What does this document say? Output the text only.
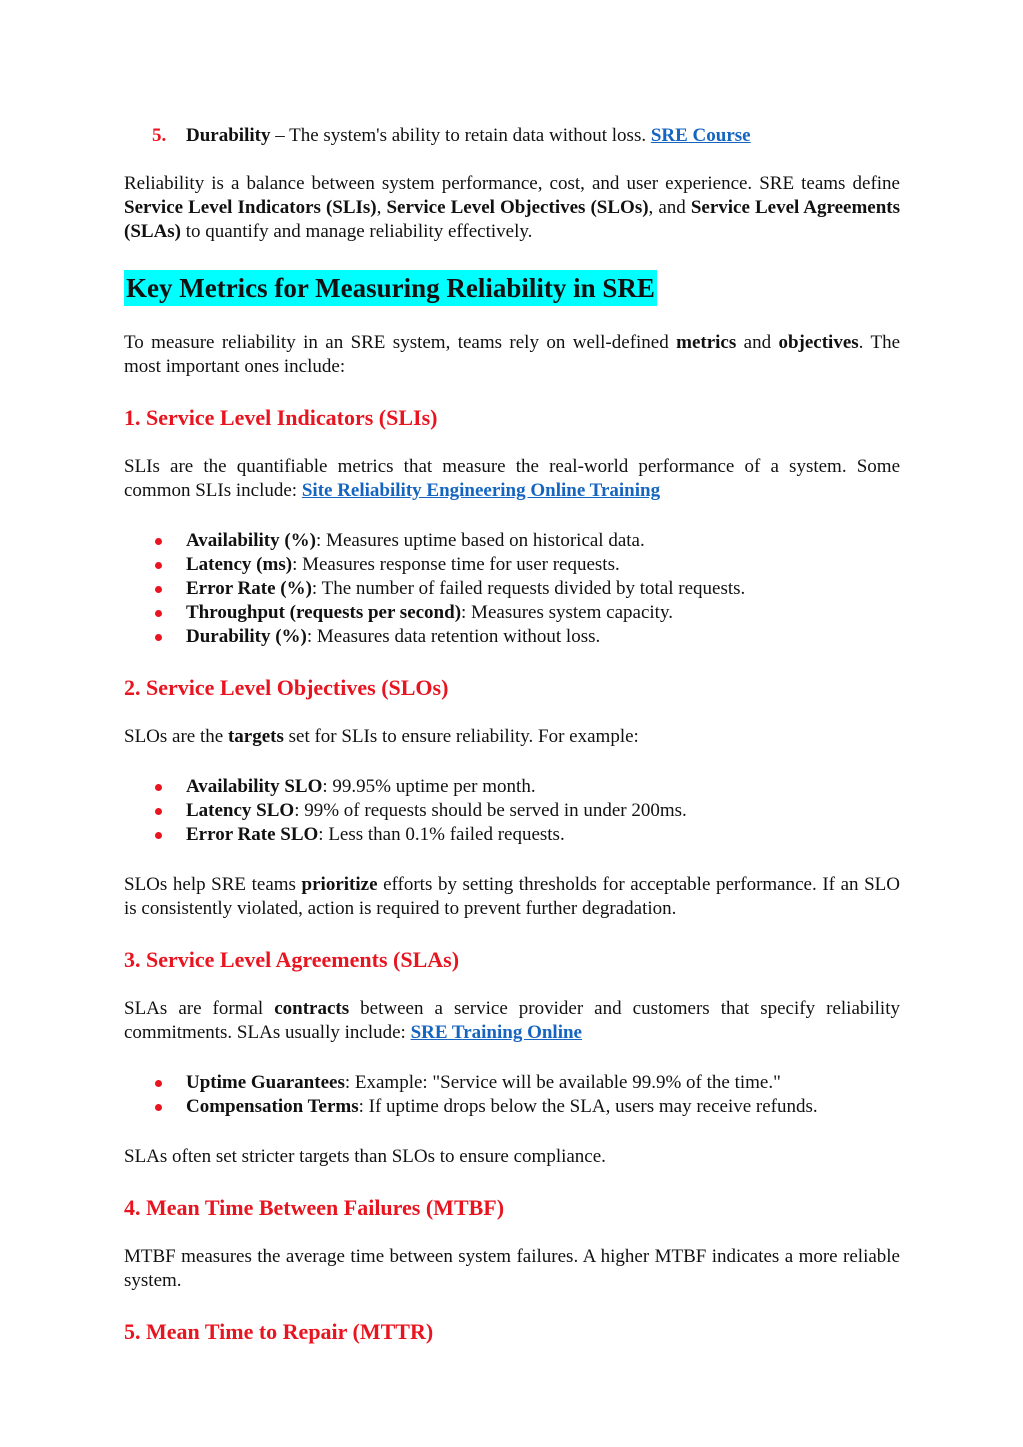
5. Durability – The system's ability to retain data without loss. SRE Course

Reliability is a balance between system performance, cost, and user experience. SRE teams define Service Level Indicators (SLIs), Service Level Objectives (SLOs), and Service Level Agreements (SLAs) to quantify and manage reliability effectively.

Key Metrics for Measuring Reliability in SRE

To measure reliability in an SRE system, teams rely on well-defined metrics and objectives. The most important ones include:

1. Service Level Indicators (SLIs)

SLIs are the quantifiable metrics that measure the real-world performance of a system. Some common SLIs include: Site Reliability Engineering Online Training

Availability (%): Measures uptime based on historical data.
Latency (ms): Measures response time for user requests.
Error Rate (%): The number of failed requests divided by total requests.
Throughput (requests per second): Measures system capacity.
Durability (%): Measures data retention without loss.
2. Service Level Objectives (SLOs)

SLOs are the targets set for SLIs to ensure reliability. For example:

Availability SLO: 99.95% uptime per month.
Latency SLO: 99% of requests should be served in under 200ms.
Error Rate SLO: Less than 0.1% failed requests.

SLOs help SRE teams prioritize efforts by setting thresholds for acceptable performance. If an SLO is consistently violated, action is required to prevent further degradation.

3. Service Level Agreements (SLAs)

SLAs are formal contracts between a service provider and customers that specify reliability commitments. SLAs usually include: SRE Training Online

Uptime Guarantees: Example: "Service will be available 99.9% of the time."
Compensation Terms: If uptime drops below the SLA, users may receive refunds.

SLAs often set stricter targets than SLOs to ensure compliance.

4. Mean Time Between Failures (MTBF)

MTBF measures the average time between system failures. A higher MTBF indicates a more reliable system.

5. Mean Time to Repair (MTTR)
